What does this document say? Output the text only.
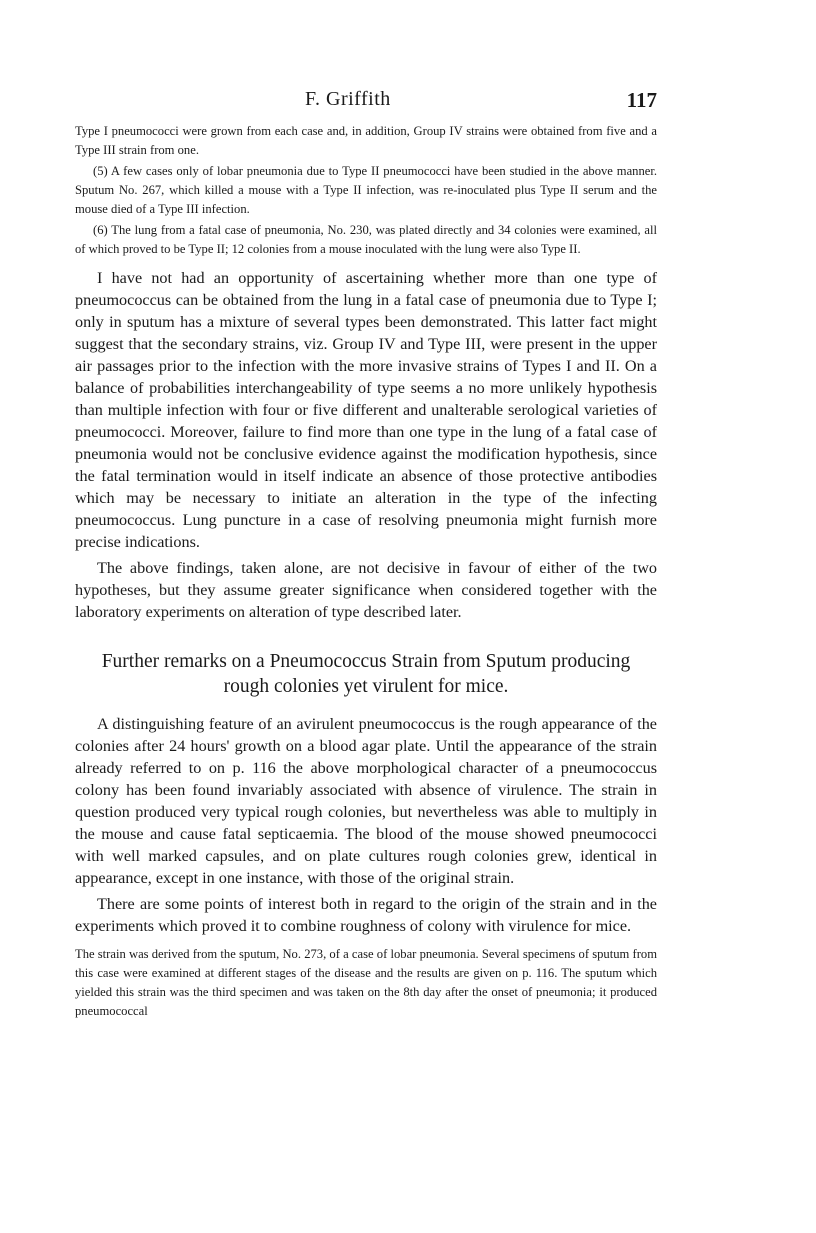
F. Griffith	117

Type I pneumococci were grown from each case and, in addition, Group IV strains were obtained from five and a Type III strain from one.

(5) A few cases only of lobar pneumonia due to Type II pneumococci have been studied in the above manner. Sputum No. 267, which killed a mouse with a Type II infection, was re-inoculated plus Type II serum and the mouse died of a Type III infection.

(6) The lung from a fatal case of pneumonia, No. 230, was plated directly and 34 colonies were examined, all of which proved to be Type II; 12 colonies from a mouse inoculated with the lung were also Type II.

I have not had an opportunity of ascertaining whether more than one type of pneumococcus can be obtained from the lung in a fatal case of pneumonia due to Type I; only in sputum has a mixture of several types been demonstrated. This latter fact might suggest that the secondary strains, viz. Group IV and Type III, were present in the upper air passages prior to the infection with the more invasive strains of Types I and II. On a balance of probabilities interchangeability of type seems a no more unlikely hypothesis than multiple infection with four or five different and unalterable serological varieties of pneumococci. Moreover, failure to find more than one type in the lung of a fatal case of pneumonia would not be conclusive evidence against the modification hypothesis, since the fatal termination would in itself indicate an absence of those protective antibodies which may be necessary to initiate an alteration in the type of the infecting pneumococcus. Lung puncture in a case of resolving pneumonia might furnish more precise indications.

The above findings, taken alone, are not decisive in favour of either of the two hypotheses, but they assume greater significance when considered together with the laboratory experiments on alteration of type described later.

Further remarks on a Pneumococcus Strain from Sputum producing rough colonies yet virulent for mice.

A distinguishing feature of an avirulent pneumococcus is the rough appearance of the colonies after 24 hours' growth on a blood agar plate. Until the appearance of the strain already referred to on p. 116 the above morphological character of a pneumococcus colony has been found invariably associated with absence of virulence. The strain in question produced very typical rough colonies, but nevertheless was able to multiply in the mouse and cause fatal septicaemia. The blood of the mouse showed pneumococci with well marked capsules, and on plate cultures rough colonies grew, identical in appearance, except in one instance, with those of the original strain.

There are some points of interest both in regard to the origin of the strain and in the experiments which proved it to combine roughness of colony with virulence for mice.

The strain was derived from the sputum, No. 273, of a case of lobar pneumonia. Several specimens of sputum from this case were examined at different stages of the disease and the results are given on p. 116. The sputum which yielded this strain was the third specimen and was taken on the 8th day after the onset of pneumonia; it produced pneumococcal
